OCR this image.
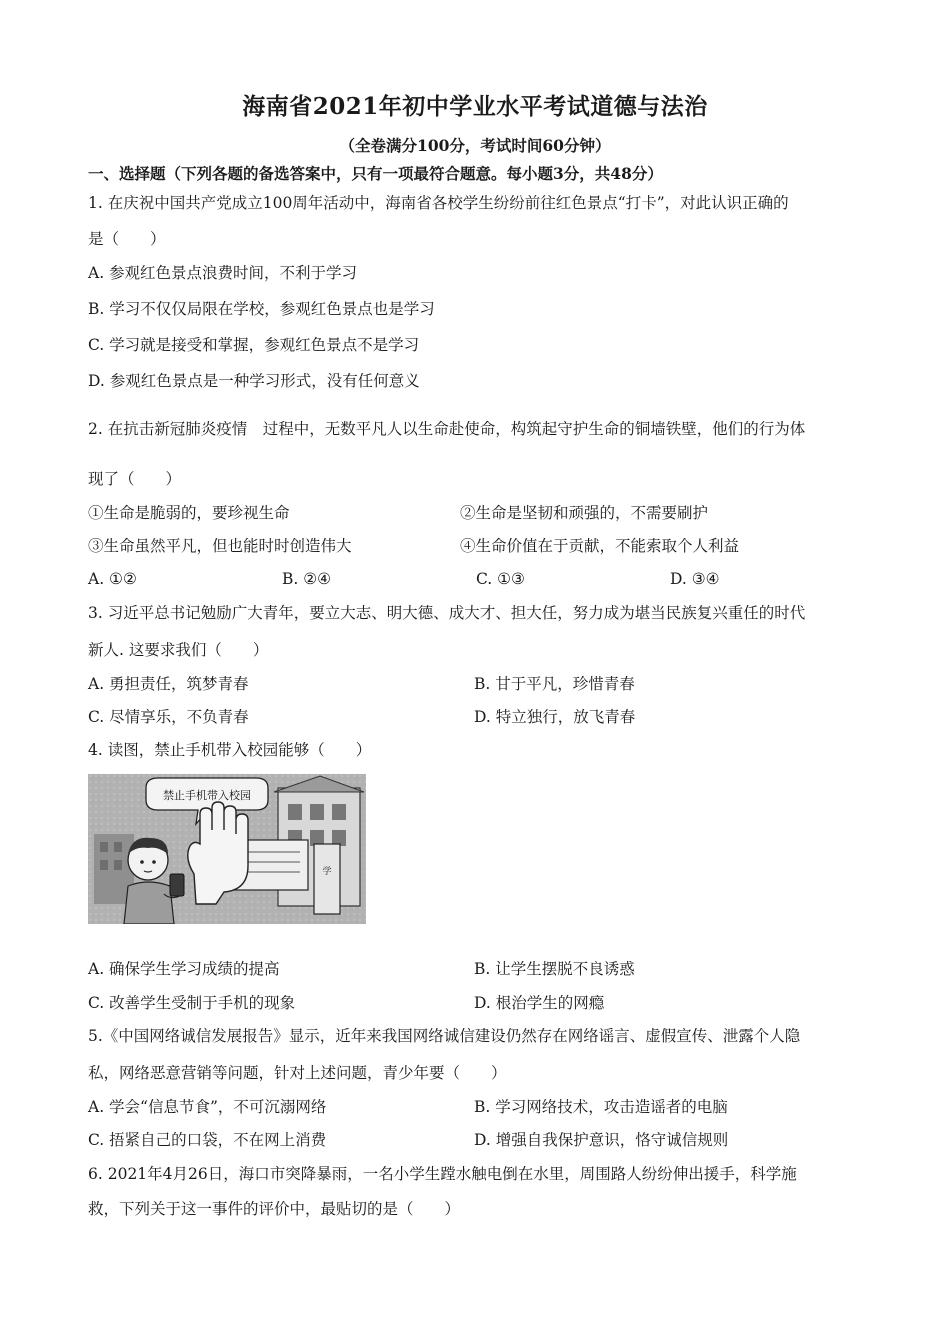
海南省2021年初中学业水平考试道德与法治
（全卷满分100分，考试时间60分钟）
一、选择题（下列各题的备选答案中，只有一项最符合题意。每小题3分，共48分）
1. 在庆祝中国共产党成立100周年活动中，海南省各校学生纷纷前往红色景点“打卡”，对此认识正确的
是（　　）
A. 参观红色景点浪费时间，不利于学习
B. 学习不仅仅局限在学校，参观红色景点也是学习
C. 学习就是接受和掌握，参观红色景点不是学习
D. 参观红色景点是一种学习形式，没有任何意义
2. 在抗击新冠肺炎疫情　过程中，无数平凡人以生命赴使命，构筑起守护生命的铜墙铁壁，他们的行为体
现了（　　）
①生命是脆弱的，要珍视生命	②生命是坚韧和顽强的，不需要刷护
③生命虽然平凡，但也能时时创造伟大	④生命价值在于贡献，不能索取个人利益
A. ①②	B. ②④	C. ①③	D. ③④
3. 习近平总书记勉励广大青年，要立大志、明大德、成大才、担大任，努力成为堪当民族复兴重任的时代
新人. 这要求我们（　　）
A. 勇担责任，筑梦青春	B. 甘于平凡，珍惜青春
C. 尽情享乐，不负青春	D. 特立独行，放飞青春
4. 读图，禁止手机带入校园能够（　　）
学
禁止手机带入校园
A. 确保学生学习成绩的提高	B. 让学生摆脱不良诱惑
C. 改善学生受制于手机的现象	D. 根治学生的网瘾
5.《中国网络诚信发展报告》显示，近年来我国网络诚信建设仍然存在网络谣言、虚假宣传、泄露个人隐
私，网络恶意营销等问题，针对上述问题，青少年要（　　）
A. 学会“信息节食”，不可沉溺网络	B. 学习网络技术，攻击造谣者的电脑
C. 捂紧自己的口袋，不在网上消费	D. 增强自我保护意识，恪守诚信规则
6. 2021年4月26日，海口市突降暴雨，一名小学生蹚水触电倒在水里，周围路人纷纷伸出援手，科学施
救，下列关于这一事件的评价中，最贴切的是（　　）
